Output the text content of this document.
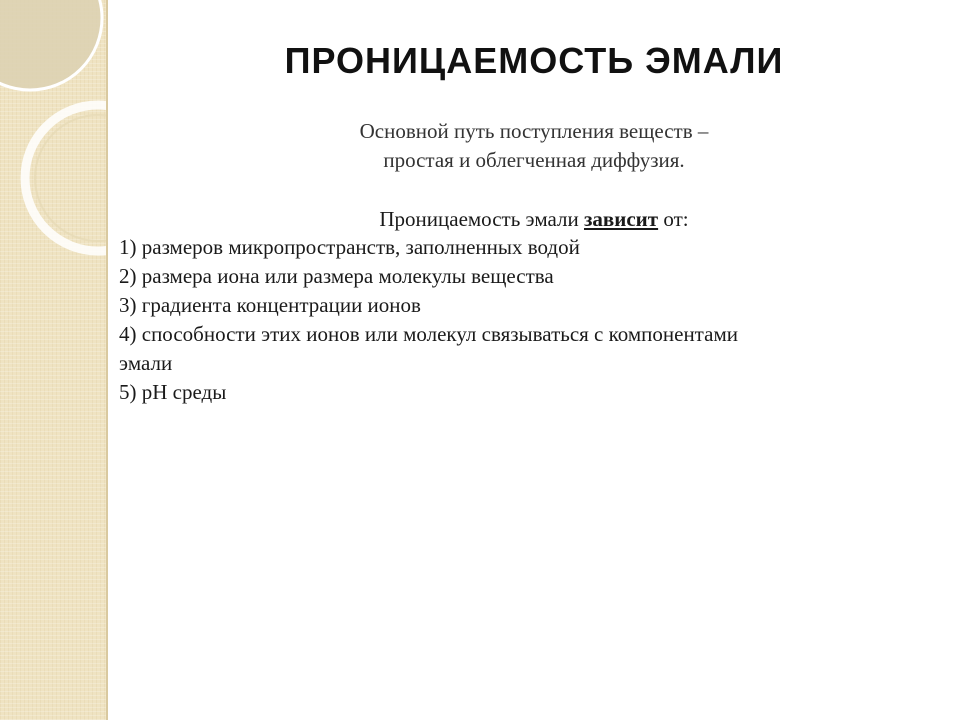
ПРОНИЦАЕМОСТЬ ЭМАЛИ
Основной путь поступления веществ –
простая и облегченная диффузия.
Проницаемость эмали зависит от:
1) размеров микропространств, заполненных водой
2) размера иона или размера молекулы вещества
3) градиента концентрации ионов
4) способности этих ионов или молекул связываться с компонентами
эмали
5) рН среды
